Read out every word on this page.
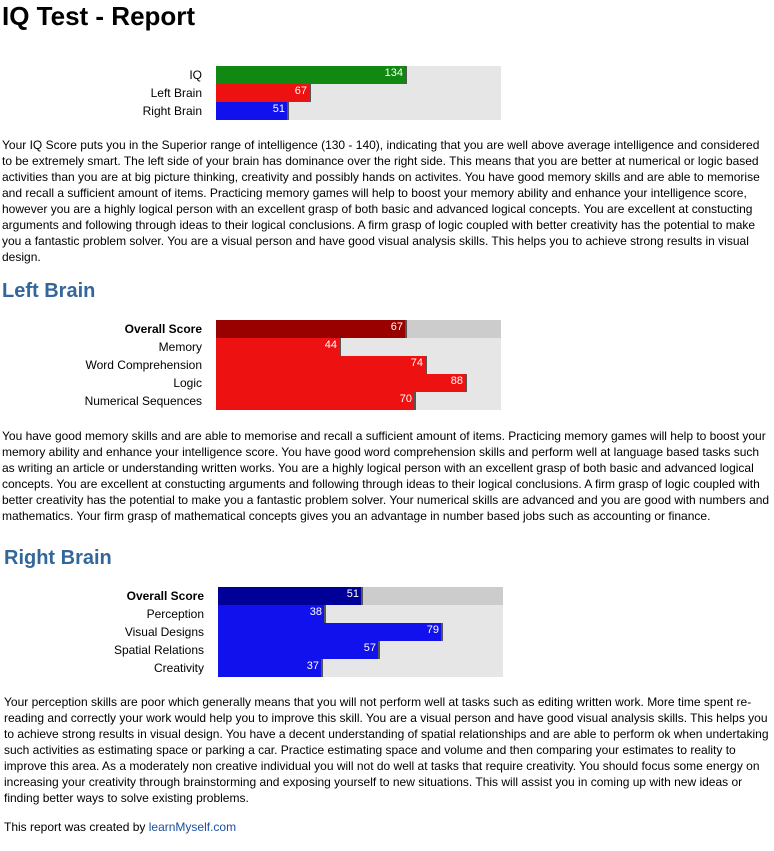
IQ Test - Report
IQ	134
Left Brain	67
Right Brain	51

Your IQ Score puts you in the Superior range of intelligence (130 - 140), indicating that you are well above average intelligence and considered to be extremely smart. The left side of your brain has dominance over the right side. This means that you are better at numerical or logic based activities than you are at big picture thinking, creativity and possibly hands on activites. You have good memory skills and are able to memorise and recall a sufficient amount of items. Practicing memory games will help to boost your memory ability and enhance your intelligence score, however you are a highly logical person with an excellent grasp of both basic and advanced logical concepts. You are excellent at constucting arguments and following through ideas to their logical conclusions. A firm grasp of logic coupled with better creativity has the potential to make you a fantastic problem solver. You are a visual person and have good visual analysis skills. This helps you to achieve strong results in visual design.

Left Brain
Overall Score	67
Memory	44
Word Comprehension	74
Logic	88
Numerical Sequences	70

You have good memory skills and are able to memorise and recall a sufficient amount of items. Practicing memory games will help to boost your memory ability and enhance your intelligence score. You have good word comprehension skills and perform well at language based tasks such as writing an article or understanding written works. You are a highly logical person with an excellent grasp of both basic and advanced logical concepts. You are excellent at constucting arguments and following through ideas to their logical conclusions. A firm grasp of logic coupled with better creativity has the potential to make you a fantastic problem solver. Your numerical skills are advanced and you are good with numbers and mathematics. Your firm grasp of mathematical concepts gives you an advantage in number based jobs such as accounting or finance.

Right Brain
Overall Score	51
Perception	38
Visual Designs	79
Spatial Relations	57
Creativity	37

Your perception skills are poor which generally means that you will not perform well at tasks such as editing written work. More time spent re-reading and correctly your work would help you to improve this skill. You are a visual person and have good visual analysis skills. This helps you to achieve strong results in visual design. You have a decent understanding of spatial relationships and are able to perform ok when undertaking such activities as estimating space or parking a car. Practice estimating space and volume and then comparing your estimates to reality to improve this area. As a moderately non creative individual you will not do well at tasks that require creativity. You should focus some energy on increasing your creativity through brainstorming and exposing yourself to new situations. This will assist you in coming up with new ideas or finding better ways to solve existing problems.

This report was created by learnMyself.com
